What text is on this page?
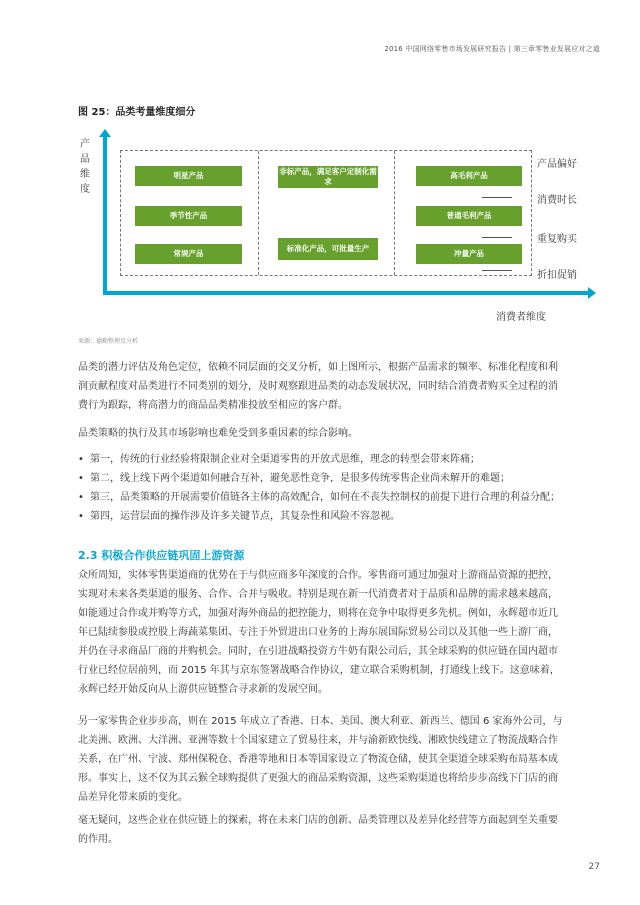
2016 中国网络零售市场发展研究报告 | 第三章零售业发展应对之道
图 25：品类考量维度细分
产品维度
消费者维度
明星产品	非标产品，满足客户定制化需求
高毛利产品
季节性产品	普通毛利产品
常规产品
标准化产品，可批量生产
冲量产品
产品偏好
消费时长
重复购买
折扣促销
来源：德勤整理及分析

品类的潜力评估及角色定位，依赖不同层面的交叉分析，如上图所示，根据产品需求的频率、标准化程度和利润贡献程度对品类进行不同类别的划分，及时观察跟进品类的动态发展状况，同时结合消费者购买全过程的消费行为跟踪，将高潜力的商品品类精准投放至相应的客户群。

品类策略的执行及其市场影响也难免受到多重因素的综合影响。

• 第一，传统的行业经验将限制企业对全渠道零售的开放式思维，理念的转型会带来阵痛；
• 第二，线上线下两个渠道如何融合互补，避免恶性竞争，是很多传统零售企业尚未解开的难题；
• 第三，品类策略的开展需要价值链各主体的高效配合，如何在不丧失控制权的前提下进行合理的利益分配；
• 第四，运营层面的操作涉及许多关键节点，其复杂性和风险不容忽视。
2.3 积极合作供应链巩固上游资源

众所周知，实体零售渠道商的优势在于与供应商多年深度的合作。零售商可通过加强对上游商品资源的把控，实现对未来各类渠道的服务、合作、合并与吸收。特别是现在新一代消费者对于品质和品牌的需求越来越高，如能通过合作或并购等方式，加强对海外商品的把控能力，则将在竞争中取得更多先机。例如，永辉超市近几年已陆续参股或控股上海蔬菜集团、专注于外贸进出口业务的上海东展国际贸易公司以及其他一些上游厂商，并仍在寻求商品厂商的并购机会。同时，在引进战略投资方牛奶有限公司后，其全球采购的供应链在国内超市行业已经位居前列，而 2015 年其与京东签署战略合作协议，建立联合采购机制，打通线上线下。这意味着，永辉已经开始反向从上游供应链整合寻求新的发展空间。

另一家零售企业步步高，则在 2015 年成立了香港、日本、美国、澳大利亚、新西兰、德国 6 家海外公司，与北美洲、欧洲、大洋洲、亚洲等数十个国家建立了贸易往来，并与渝新欧快线、湘欧快线建立了物流战略合作关系，在广州、宁波、郑州保税仓、香港等地和日本等国家设立了物流仓储，使其全渠道全球采购布局基本成形。事实上，这不仅为其云猴全球购提供了更强大的商品采购资源，这些采购渠道也将给步步高线下门店的商品差异化带来质的变化。

毫无疑问，这些企业在供应链上的探索，将在未来门店的创新、品类管理以及差异化经营等方面起到至关重要的作用。

27
